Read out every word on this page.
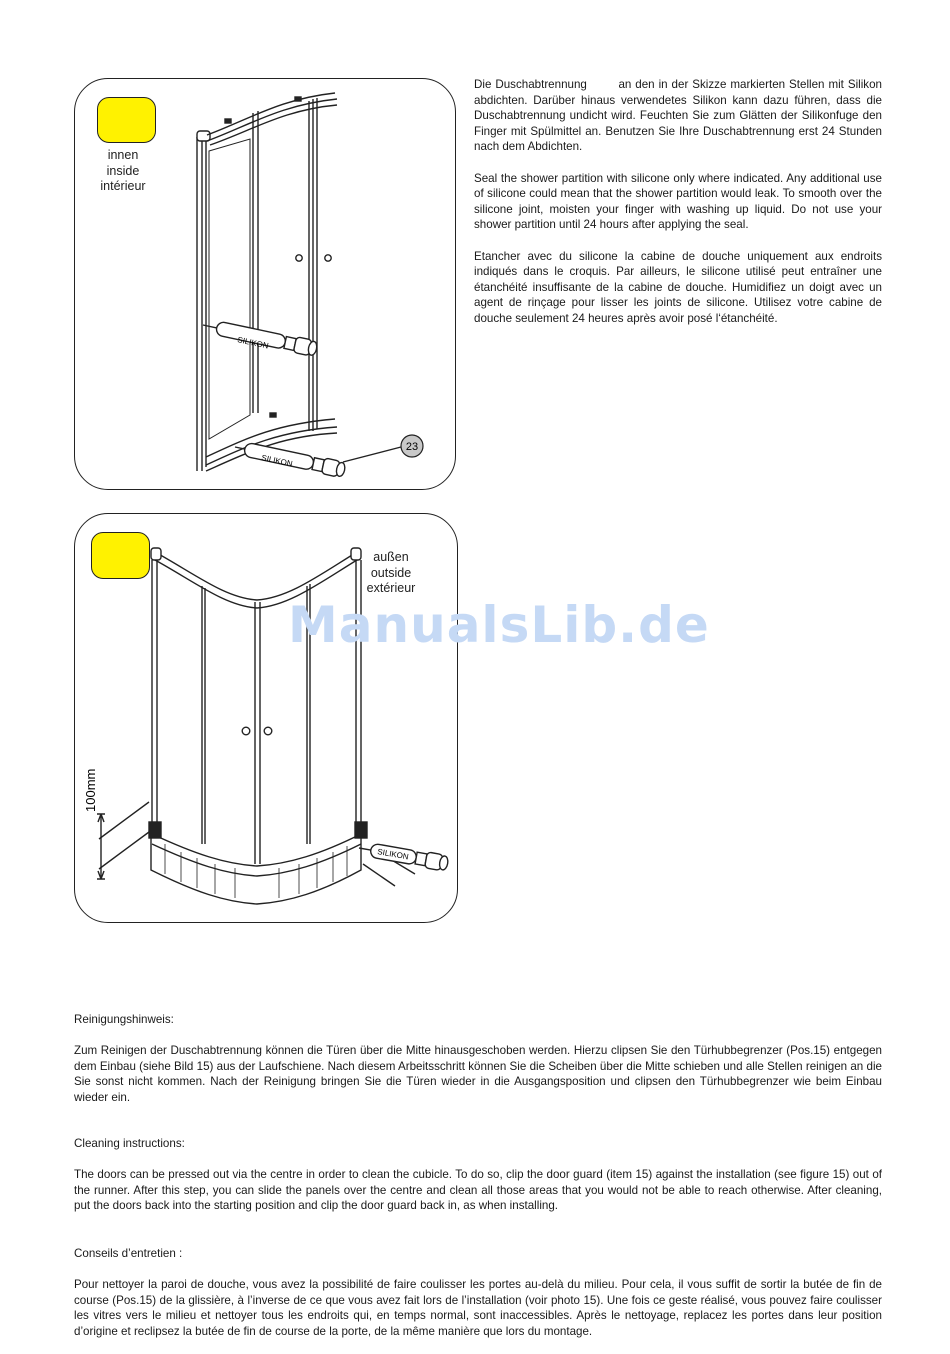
innen
inside
intérieur
SILIKON
SILIKON
23
außen
outside
extérieur
SILIKON
100mm

Die Duschabtrennung        an den in der Skizze markierten Stellen mit Silikon abdichten. Darüber hinaus verwendetes Silikon kann dazu führen, dass die Duschabtrennung undicht wird. Feuchten Sie zum Glätten der Silikonfuge den Finger mit Spülmittel an. Benutzen Sie Ihre Duschabtrennung erst 24 Stunden nach dem Abdichten.

Seal the shower partition with silicone only where indicated. Any additional use of silicone could mean that the shower partition would leak. To smooth over the silicone joint, moisten your finger with washing up liquid. Do not use your shower partition until 24 hours after applying the seal.

Etancher avec du silicone la cabine de douche uniquement aux endroits indiqués dans le croquis. Par ailleurs, le silicone utilisé peut entraîner une étanchéité insuffisante de la cabine de douche. Humidifiez un doigt avec un agent de rinçage pour lisser les joints de silicone. Utilisez votre cabine de douche seulement 24 heures après avoir posé l‘étanchéité.

ManualsLib.de

Reinigungshinweis:

Zum Reinigen der Duschabtrennung können die Türen über die Mitte hinausgeschoben werden. Hierzu clipsen Sie den Türhubbegrenzer (Pos.15) entgegen dem Einbau (siehe Bild 15) aus der Laufschiene. Nach diesem Arbeitsschritt können Sie die Scheiben über die Mitte schieben und alle Stellen reinigen an die Sie sonst nicht kommen. Nach der Reinigung bringen Sie die Türen wieder in die Ausgangsposition und clipsen den Türhubbegrenzer wie beim Einbau wieder ein.

Cleaning instructions:

The doors can be pressed out via the centre in order to clean the cubicle. To do so, clip the door guard (item 15) against the installation (see figure 15) out of the runner. After this step, you can slide the panels over the centre and clean all those areas that you would not be able to reach otherwise. After cleaning, put the doors back into the starting position and clip the door guard back in, as when installing.

Conseils d’entretien :

Pour nettoyer la paroi de douche, vous avez la possibilité de faire coulisser les portes au-delà du milieu. Pour cela, il vous suffit de sortir la butée de fin de course (Pos.15) de la glissière, à l’inverse de ce que vous avez fait lors de l’installation (voir photo 15). Une fois ce geste réalisé, vous pouvez faire coulisser les vitres vers le milieu et nettoyer tous les endroits qui, en temps normal, sont inaccessibles. Après le nettoyage, replacez les portes dans leur position d’origine et reclipsez la butée de fin de course de la porte, de la même manière que lors du montage.
